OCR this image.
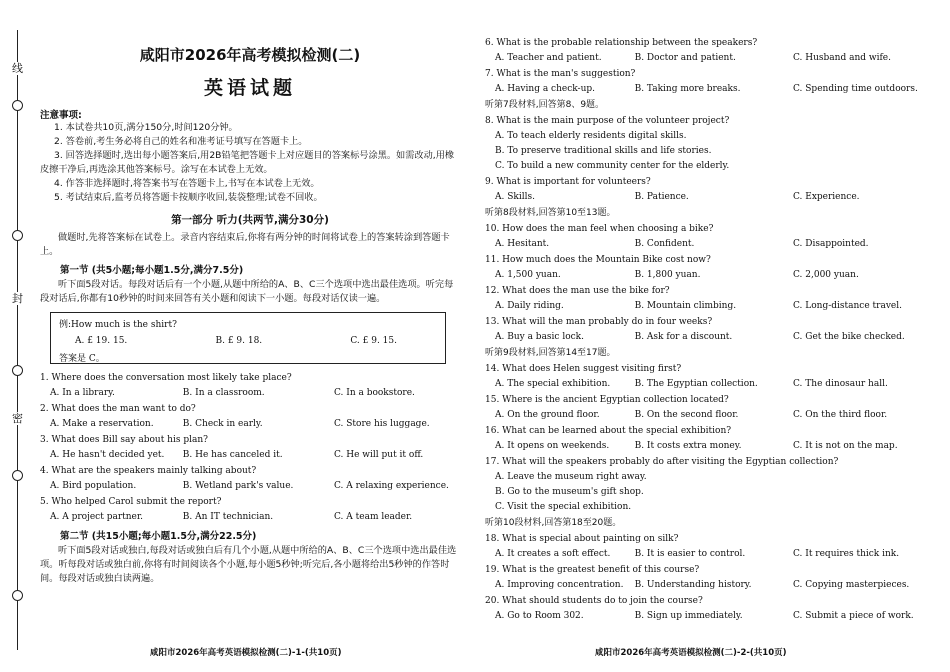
线
封
密
咸阳市2026年高考模拟检测(二)
英语试题
注意事项:
1. 本试卷共10页,满分150分,时间120分钟。
2. 答卷前,考生务必将自己的姓名和准考证号填写在答题卡上。
3. 回答选择题时,选出每小题答案后,用2B铅笔把答题卡上对应题目的答案标号涂黑。如需改动,用橡皮擦干净后,再选涂其他答案标号。涂写在本试卷上无效。
4. 作答非选择题时,将答案书写在答题卡上,书写在本试卷上无效。
5. 考试结束后,监考员将答题卡按顺序收回,装袋整理;试卷不回收。
第一部分 听力(共两节,满分30分)
做题时,先将答案标在试卷上。录音内容结束后,你将有两分钟的时间将试卷上的答案转涂到答题卡上。
第一节 (共5小题;每小题1.5分,满分7.5分)
听下面5段对话。每段对话后有一个小题,从题中所给的A、B、C三个选项中选出最佳选项。听完每段对话后,你都有10秒钟的时间来回答有关小题和阅读下一小题。每段对话仅读一遍。
例:How much is the shirt?
A. £ 19. 15.	B. £ 9. 18.	C. £ 9. 15.
答案是 C。
1. Where does the conversation most likely take place?
A. In a library.	B. In a classroom.	C. In a bookstore.
2. What does the man want to do?
A. Make a reservation.	B. Check in early.	C. Store his luggage.
3. What does Bill say about his plan?
A. He hasn't decided yet.	B. He has canceled it.	C. He will put it off.
4. What are the speakers mainly talking about?
A. Bird population.	B. Wetland park's value.	C. A relaxing experience.
5. Who helped Carol submit the report?
A. A project partner.	B. An IT technician.	C. A team leader.
第二节 (共15小题;每小题1.5分,满分22.5分)
听下面5段对话或独白,每段对话或独白后有几个小题,从题中所给的A、B、C三个选项中选出最佳选项。听每段对话或独白前,你将有时间阅读各个小题,每小题5秒钟;听完后,各小题将给出5秒钟的作答时间。每段对话或独白读两遍。
咸阳市2026年高考英语模拟检测(二)-1-(共10页)
6. What is the probable relationship between the speakers?
A. Teacher and patient.	B. Doctor and patient.	C. Husband and wife.
7. What is the man's suggestion?
A. Having a check-up.	B. Taking more breaks.	C. Spending time outdoors.
听第7段材料,回答第8、9题。
8. What is the main purpose of the volunteer project?
A. To teach elderly residents digital skills.
B. To preserve traditional skills and life stories.
C. To build a new community center for the elderly.
9. What is important for volunteers?
A. Skills.	B. Patience.	C. Experience.
听第8段材料,回答第10至13题。
10. How does the man feel when choosing a bike?
A. Hesitant.	B. Confident.	C. Disappointed.
11. How much does the Mountain Bike cost now?
A. 1,500 yuan.	B. 1,800 yuan.	C. 2,000 yuan.
12. What does the man use the bike for?
A. Daily riding.	B. Mountain climbing.	C. Long-distance travel.
13. What will the man probably do in four weeks?
A. Buy a basic lock.	B. Ask for a discount.	C. Get the bike checked.
听第9段材料,回答第14至17题。
14. What does Helen suggest visiting first?
A. The special exhibition.	B. The Egyptian collection.	C. The dinosaur hall.
15. Where is the ancient Egyptian collection located?
A. On the ground floor.	B. On the second floor.	C. On the third floor.
16. What can be learned about the special exhibition?
A. It opens on weekends.	B. It costs extra money.	C. It is not on the map.
17. What will the speakers probably do after visiting the Egyptian collection?
A. Leave the museum right away.
B. Go to the museum's gift shop.
C. Visit the special exhibition.
听第10段材料,回答第18至20题。
18. What is special about painting on silk?
A. It creates a soft effect.	B. It is easier to control.	C. It requires thick ink.
19. What is the greatest benefit of this course?
A. Improving concentration.	B. Understanding history.	C. Copying masterpieces.
20. What should students do to join the course?
A. Go to Room 302.	B. Sign up immediately.	C. Submit a piece of work.
咸阳市2026年高考英语模拟检测(二)-2-(共10页)
